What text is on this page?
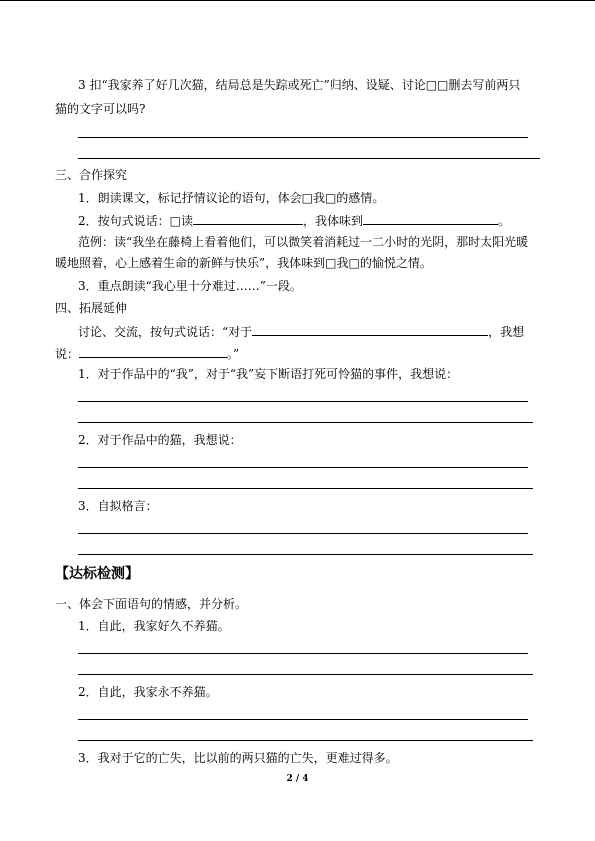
3 扣“我家养了好几次猫，结局总是失踪或死亡”归纳、设疑、讨论□□删去写前两只
猫的文字可以吗?
三、合作探究
1．朗读课文，标记抒情议论的语句，体会□我□的感情。
2．按句式说话：□读	，我体味到	。
范例：读“我坐在藤椅上看着他们，可以微笑着消耗过一二小时的光阴，那时太阳光暖
暖地照着，心上感着生命的新鲜与快乐”，我体味到□我□的愉悦之情。
3．重点朗读“我心里十分难过……”一段。
四、拓展延伸
讨论、交流，按句式说话：“对于	，我想
说：	。”
1．对于作品中的“我”，对于“我”妄下断语打死可怜猫的事件，我想说：
2．对于作品中的猫，我想说：
3．自拟格言：
【达标检测】
一、体会下面语句的情感，并分析。
1．自此，我家好久不养猫。
2．自此，我家永不养猫。
3．我对于它的亡失，比以前的两只猫的亡失，更难过得多。
2 / 4
